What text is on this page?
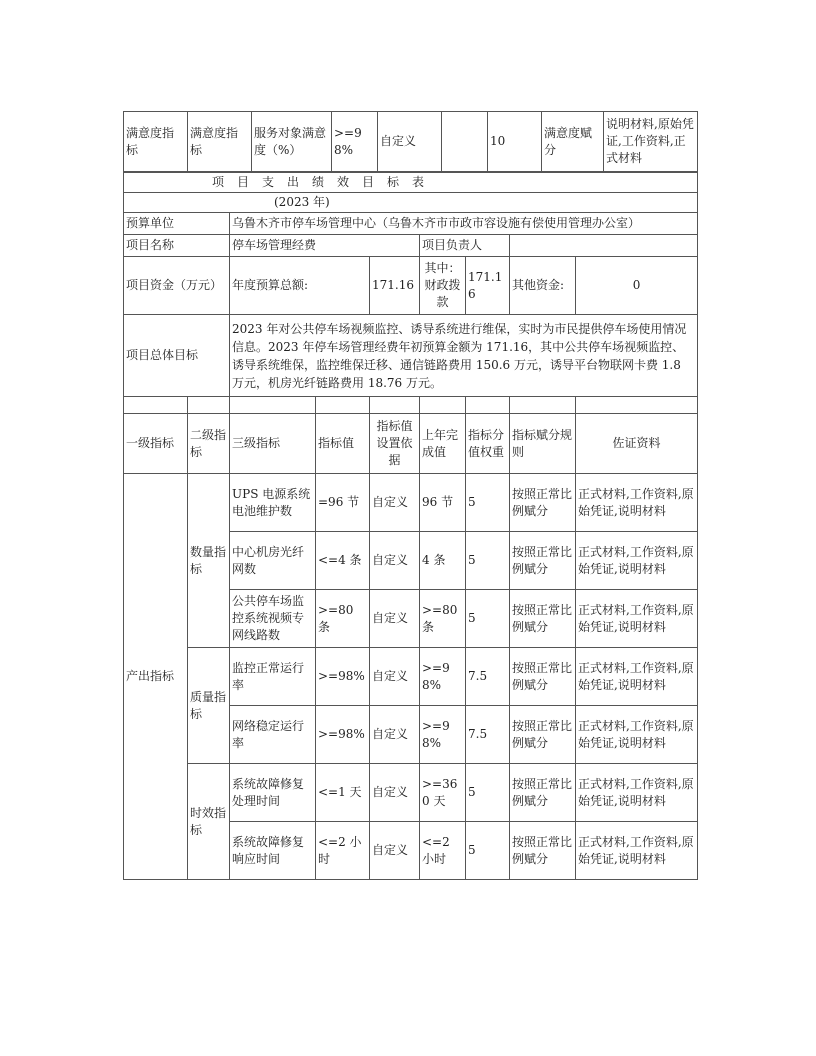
满意度指标	满意度指标	服务对象满意度（%）	>=98%	自定义		10	满意度赋分	说明材料,原始凭证,工作资料,正式材料
项目支出绩效目标表								
(2023 年)								
预算单位		乌鲁木齐市停车场管理中心（乌鲁木齐市市政市容设施有偿使用管理办公室）						
项目名称		停车场管理经费			项目负责人			
项目资金（万元）		年度预算总额:		171.16	其中：财政拨款	171.16	其他资金:	0
项目总体目标		2023 年对公共停车场视频监控、诱导系统进行维保，实时为市民提供停车场使用情况信息。2023 年停车场管理经费年初预算金额为 171.16，其中公共停车场视频监控、诱导系统维保，监控维保迁移、通信链路费用 150.6 万元，诱导平台物联网卡费 1.8 万元，机房光纤链路费用 18.76 万元。						

一级指标	二级指标	三级指标	指标值	指标值设置依据	上年完成值	指标分值权重	指标赋分规则	佐证资料
产出指标	数量指标	UPS 电源系统电池维护数	=96 节	自定义	96 节	5	按照正常比例赋分	正式材料,工作资料,原始凭证,说明材料
		中心机房光纤网数	<=4 条	自定义	4 条	5	按照正常比例赋分	正式材料,工作资料,原始凭证,说明材料
		公共停车场监控系统视频专网线路数	>=80 条	自定义	>=80 条	5	按照正常比例赋分	正式材料,工作资料,原始凭证,说明材料
	质量指标	监控正常运行率	>=98%	自定义	>=98%	7.5	按照正常比例赋分	正式材料,工作资料,原始凭证,说明材料
		网络稳定运行率	>=98%	自定义	>=98%	7.5	按照正常比例赋分	正式材料,工作资料,原始凭证,说明材料
	时效指标	系统故障修复处理时间	<=1 天	自定义	>=360 天	5	按照正常比例赋分	正式材料,工作资料,原始凭证,说明材料
		系统故障修复响应时间	<=2 小时	自定义	<=2 小时	5	按照正常比例赋分	正式材料,工作资料,原始凭证,说明材料
